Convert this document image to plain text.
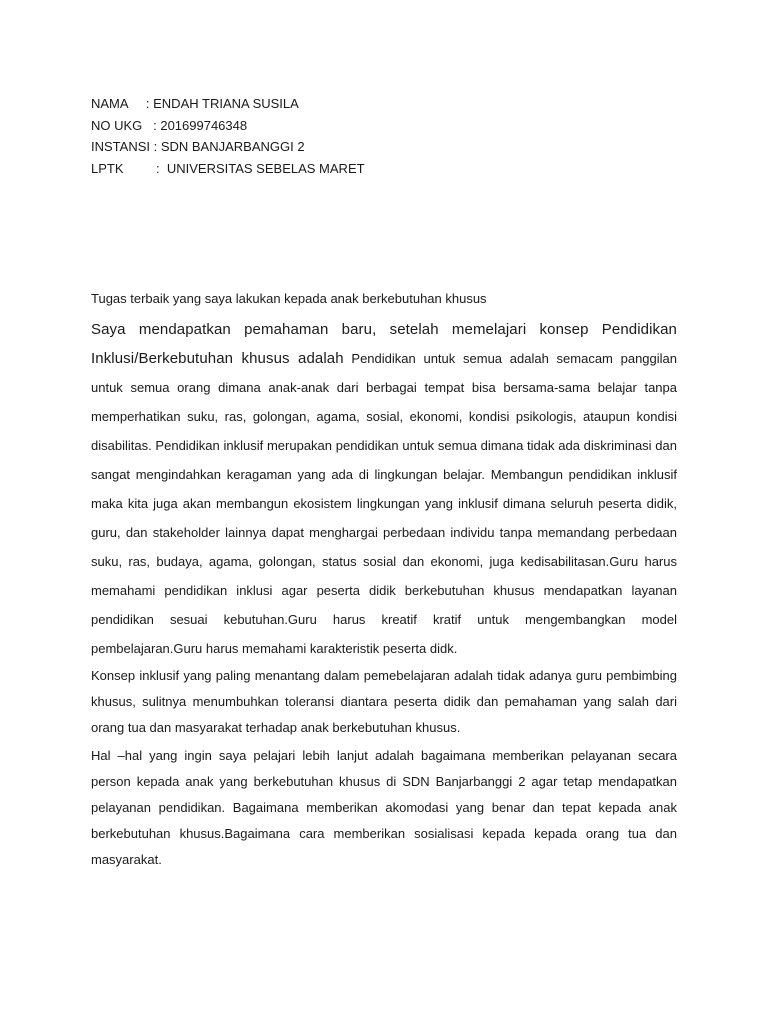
NAMA     : ENDAH TRIANA SUSILA
NO UKG   : 201699746348
INSTANSI : SDN BANJARBANGGI 2
LPTK         :  UNIVERSITAS SEBELAS MARET
Tugas terbaik yang saya lakukan kepada anak berkebutuhan khusus

Saya mendapatkan pemahaman baru, setelah memelajari konsep Pendidikan Inklusi/Berkebutuhan khusus adalah Pendidikan untuk semua adalah semacam panggilan untuk semua orang dimana anak-anak dari berbagai tempat bisa bersama-sama belajar tanpa memperhatikan suku, ras, golongan, agama, sosial, ekonomi, kondisi psikologis, ataupun kondisi disabilitas. Pendidikan inklusif merupakan pendidikan untuk semua dimana tidak ada diskriminasi dan sangat mengindahkan keragaman yang ada di lingkungan belajar. Membangun pendidikan inklusif maka kita juga akan membangun ekosistem lingkungan yang inklusif dimana seluruh peserta didik, guru, dan stakeholder lainnya dapat menghargai perbedaan individu tanpa memandang perbedaan suku, ras, budaya, agama, golongan, status sosial dan ekonomi, juga kedisabilitasan.Guru harus memahami pendidikan inklusi agar peserta didik berkebutuhan khusus mendapatkan layanan pendidikan sesuai kebutuhan.Guru harus kreatif kratif untuk mengembangkan model pembelajaran.Guru harus memahami karakteristik peserta didk.

Konsep inklusif yang paling menantang dalam pemebelajaran adalah tidak adanya guru pembimbing khusus, sulitnya menumbuhkan toleransi diantara peserta didik dan pemahaman yang salah dari orang tua dan masyarakat terhadap anak berkebutuhan khusus.

Hal –hal yang ingin saya pelajari lebih lanjut adalah bagaimana memberikan pelayanan secara person kepada anak yang berkebutuhan khusus di SDN Banjarbanggi 2 agar tetap mendapatkan pelayanan pendidikan. Bagaimana memberikan akomodasi yang benar dan tepat kepada anak berkebutuhan khusus.Bagaimana cara memberikan sosialisasi kepada kepada orang tua dan masyarakat.
